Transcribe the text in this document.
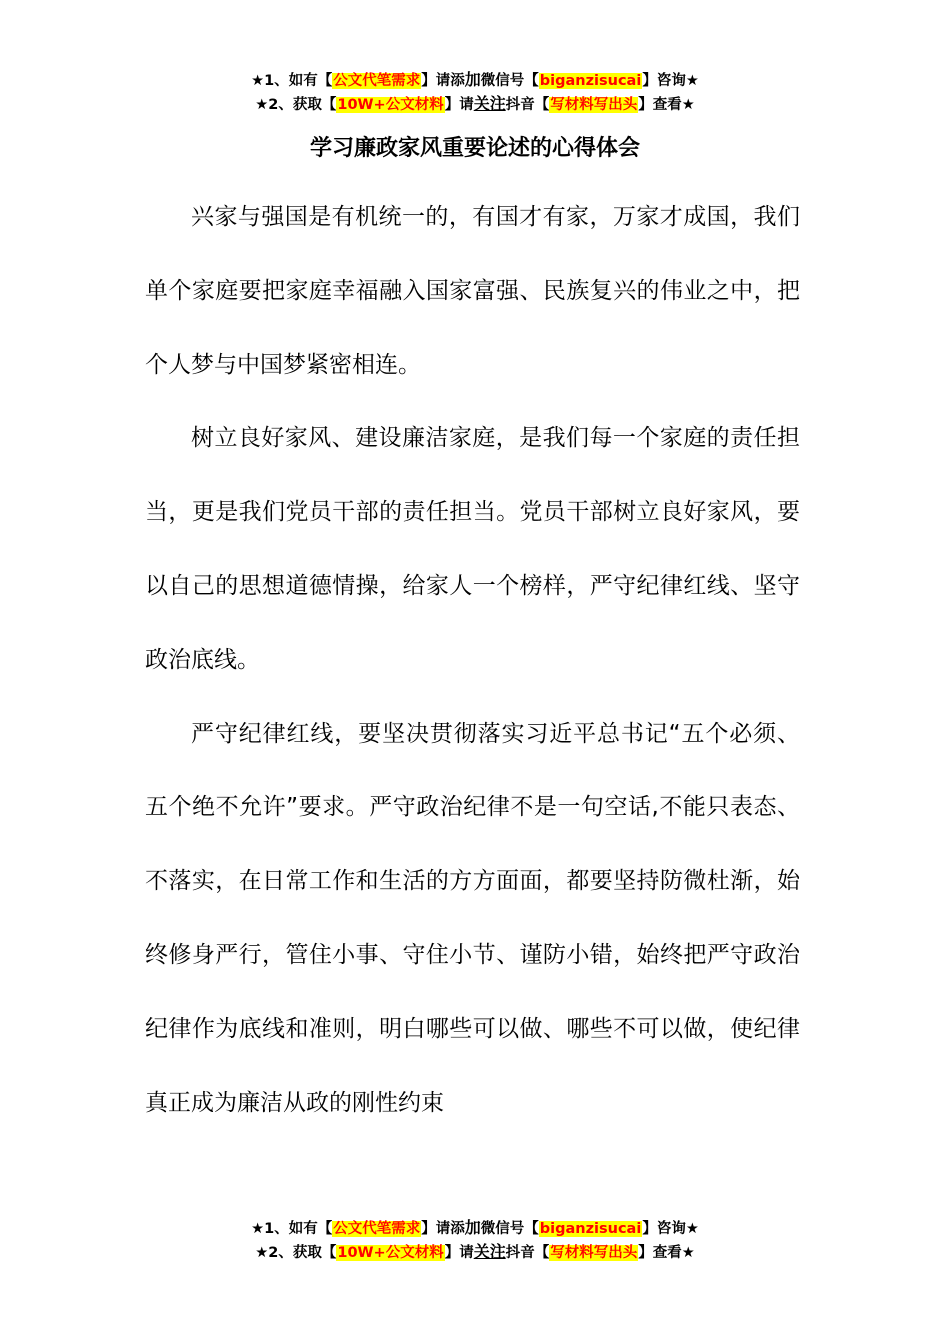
★1、如有【公文代笔需求】请添加微信号【biganzisucai】咨询★
★2、获取【10W+公文材料】请关注抖音【写材料写出头】查看★
学习廉政家风重要论述的心得体会

兴家与强国是有机统一的，有国才有家，万家才成国，我们单个家庭要把家庭幸福融入国家富强、民族复兴的伟业之中，把个人梦与中国梦紧密相连。

树立良好家风、建设廉洁家庭，是我们每一个家庭的责任担当，更是我们党员干部的责任担当。党员干部树立良好家风，要以自己的思想道德情操，给家人一个榜样，严守纪律红线、坚守政治底线。

严守纪律红线，要坚决贯彻落实习近平总书记“五个必须、五个绝不允许”要求。严守政治纪律不是一句空话,不能只表态、不落实，在日常工作和生活的方方面面，都要坚持防微杜渐，始终修身严行，管住小事、守住小节、谨防小错，始终把严守政治纪律作为底线和准则，明白哪些可以做、哪些不可以做，使纪律真正成为廉洁从政的刚性约束

★1、如有【公文代笔需求】请添加微信号【biganzisucai】咨询★
★2、获取【10W+公文材料】请关注抖音【写材料写出头】查看★
